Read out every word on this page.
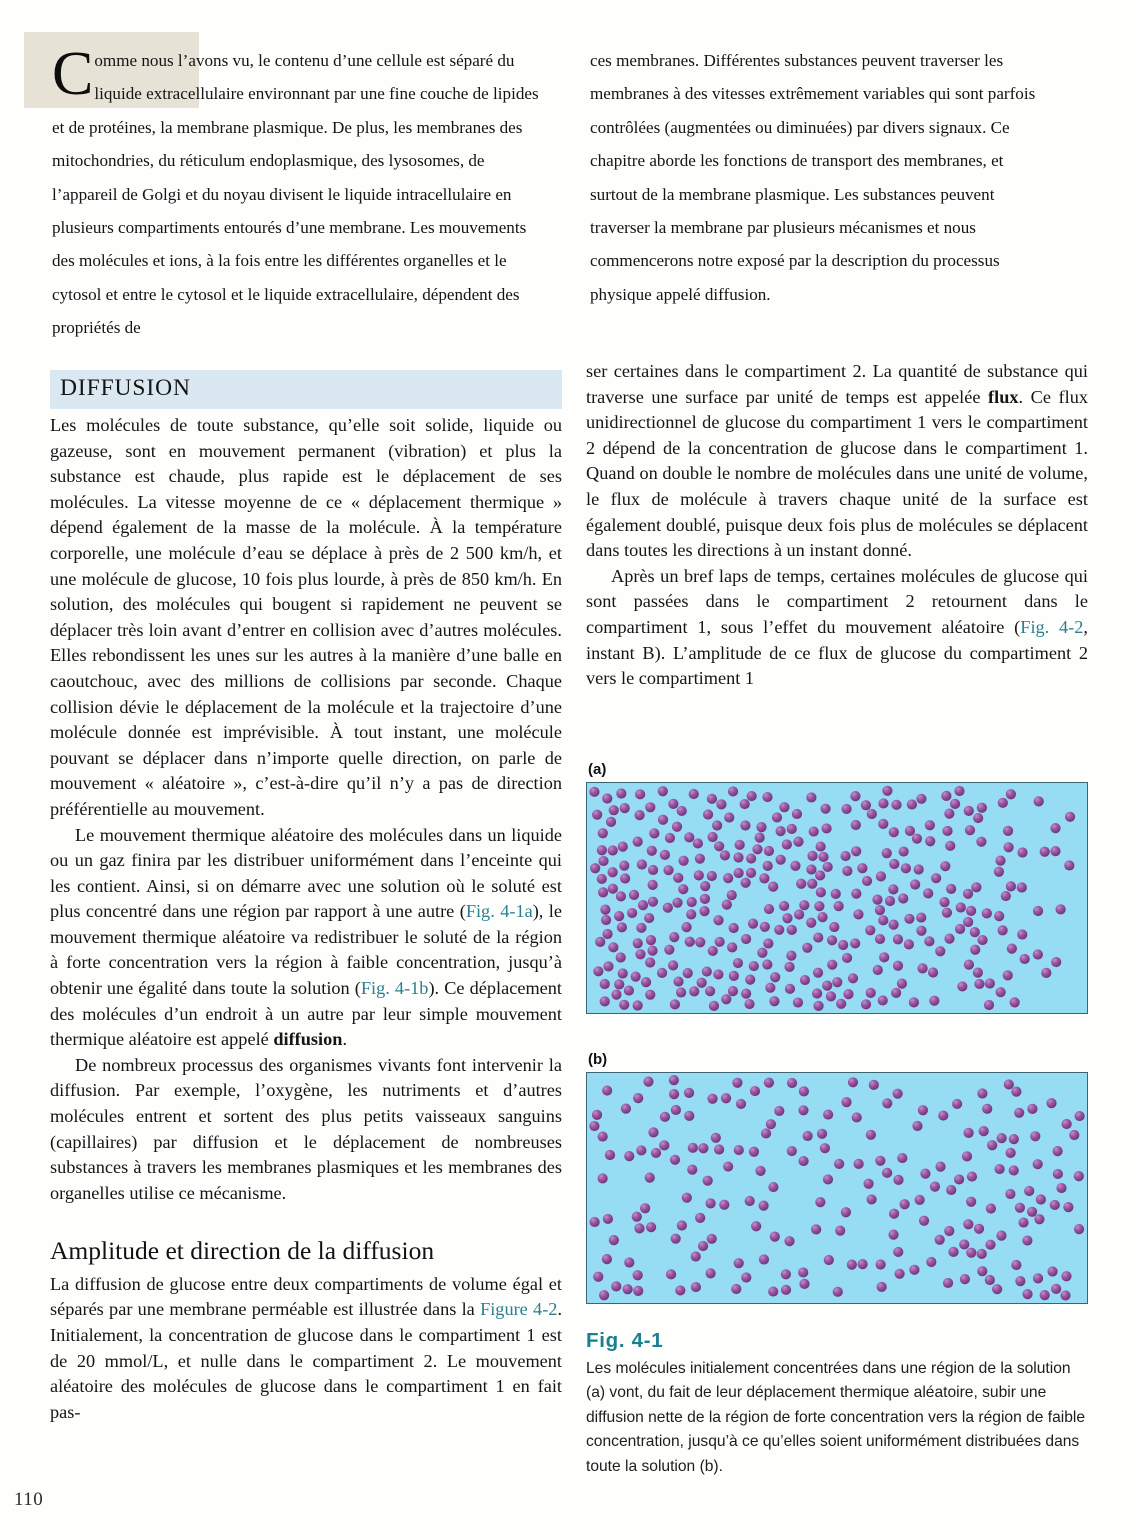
Comme nous l’avons vu, le contenu d’une cellule est séparé du liquide extracellulaire environnant par une fine couche de lipides et de protéines, la membrane plasmique. De plus, les membranes des mitochondries, du réticulum endoplasmique, des lysosomes, de l’appareil de Golgi et du noyau divisent le liquide intracellulaire en plusieurs compartiments entourés d’une membrane. Les mouvements des molécules et ions, à la fois entre les différentes organelles et le cytosol et entre le cytosol et le liquide extracellulaire, dépendent des propriétés de
ces membranes. Différentes substances peuvent traverser les membranes à des vitesses extrêmement variables qui sont parfois contrôlées (augmentées ou diminuées) par divers signaux. Ce chapitre aborde les fonctions de transport des membranes, et surtout de la membrane plasmique. Les substances peuvent traverser la membrane par plusieurs mécanismes et nous commencerons notre exposé par la description du processus physique appelé diffusion.
DIFFUSION

Les molécules de toute substance, qu’elle soit solide, liquide ou gazeuse, sont en mouvement permanent (vibration) et plus la substance est chaude, plus rapide est le déplacement de ses molécules. La vitesse moyenne de ce « déplacement thermique » dépend également de la masse de la molécule. À la température corporelle, une molécule d’eau se déplace à près de 2 500 km/h, et une molécule de glucose, 10 fois plus lourde, à près de 850 km/h. En solution, des molécules qui bougent si rapidement ne peuvent se déplacer très loin avant d’entrer en collision avec d’autres molécules. Elles rebondissent les unes sur les autres à la manière d’une balle en caoutchouc, avec des millions de collisions par seconde. Chaque collision dévie le déplacement de la molécule et la trajectoire d’une molécule donnée est imprévisible. À tout instant, une molécule pouvant se déplacer dans n’importe quelle direction, on parle de mouvement « aléatoire », c’est-à-dire qu’il n’y a pas de direction préférentielle au mouvement.

Le mouvement thermique aléatoire des molécules dans un liquide ou un gaz finira par les distribuer uniformément dans l’enceinte qui les contient. Ainsi, si on démarre avec une solution où le soluté est plus concentré dans une région par rapport à une autre (Fig. 4-1a), le mouvement thermique aléatoire va redistribuer le soluté de la région à forte concentration vers la région à faible concentration, jusqu’à obtenir une égalité dans toute la solution (Fig. 4-1b). Ce déplacement des molécules d’un endroit à un autre par leur simple mouvement thermique aléatoire est appelé diffusion.

De nombreux processus des organismes vivants font intervenir la diffusion. Par exemple, l’oxygène, les nutriments et d’autres molécules entrent et sortent des plus petits vaisseaux sanguins (capillaires) par diffusion et le déplacement de nombreuses substances à travers les membranes plasmiques et les membranes des organelles utilise ce mécanisme.

Amplitude et direction de la diffusion

La diffusion de glucose entre deux compartiments de volume égal et séparés par une membrane perméable est illustrée dans la Figure 4-2. Initialement, la concentration de glucose dans le compartiment 1 est de 20 mmol/L, et nulle dans le compartiment 2. Le mouvement aléatoire des molécules de glucose dans le compartiment 1 en fait pas-

ser certaines dans le compartiment 2. La quantité de substance qui traverse une surface par unité de temps est appelée flux. Ce flux unidirectionnel de glucose du compartiment 1 vers le compartiment 2 dépend de la concentration de glucose dans le compartiment 1. Quand on double le nombre de molécules dans une unité de volume, le flux de molécule à travers chaque unité de la surface est également doublé, puisque deux fois plus de molécules se déplacent dans toutes les directions à un instant donné.

Après un bref laps de temps, certaines molécules de glucose qui sont passées dans le compartiment 2 retournent dans le compartiment 1, sous l’effet du mouvement aléatoire (Fig. 4-2, instant B). L’amplitude de ce flux de glucose du compartiment 2 vers le compartiment 1

(a)
(b)
Fig. 4-1

Les molécules initialement concentrées dans une région de la solution (a) vont, du fait de leur déplacement thermique aléatoire, subir une diffusion nette de la région de forte concentration vers la région de faible concentration, jusqu’à ce qu’elles soient uniformément distribuées dans toute la solution (b).

110
